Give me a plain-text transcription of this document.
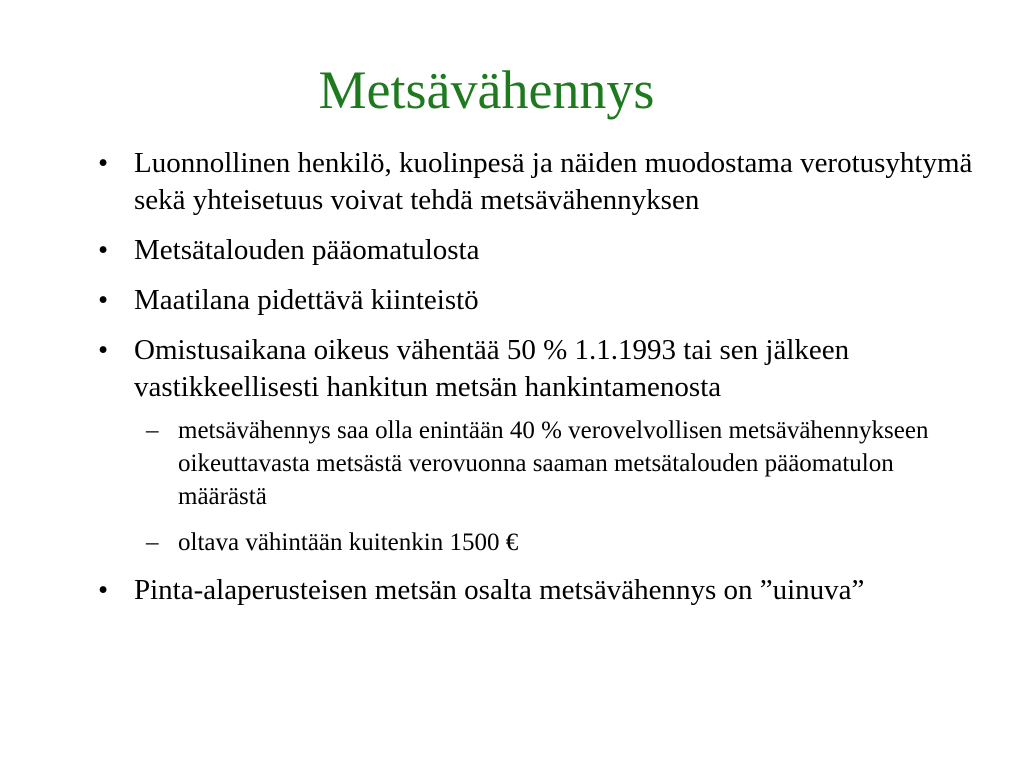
Metsävähennys
• Luonnollinen henkilö, kuolinpesä ja näiden muodostama verotusyhtymä sekä yhteisetuus voivat tehdä metsävähennyksen
• Metsätalouden pääomatulosta
• Maatilana pidettävä kiinteistö
• Omistusaikana oikeus vähentää 50 % 1.1.1993 tai sen jälkeen vastikkeellisesti hankitun metsän hankintamenosta
– metsävähennys saa olla enintään 40 % verovelvollisen metsävähennykseen oikeuttavasta metsästä verovuonna saaman metsätalouden pääomatulon määrästä
– oltava vähintään kuitenkin 1500 €
• Pinta-alaperusteisen metsän osalta metsävähennys on ”uinuva”
